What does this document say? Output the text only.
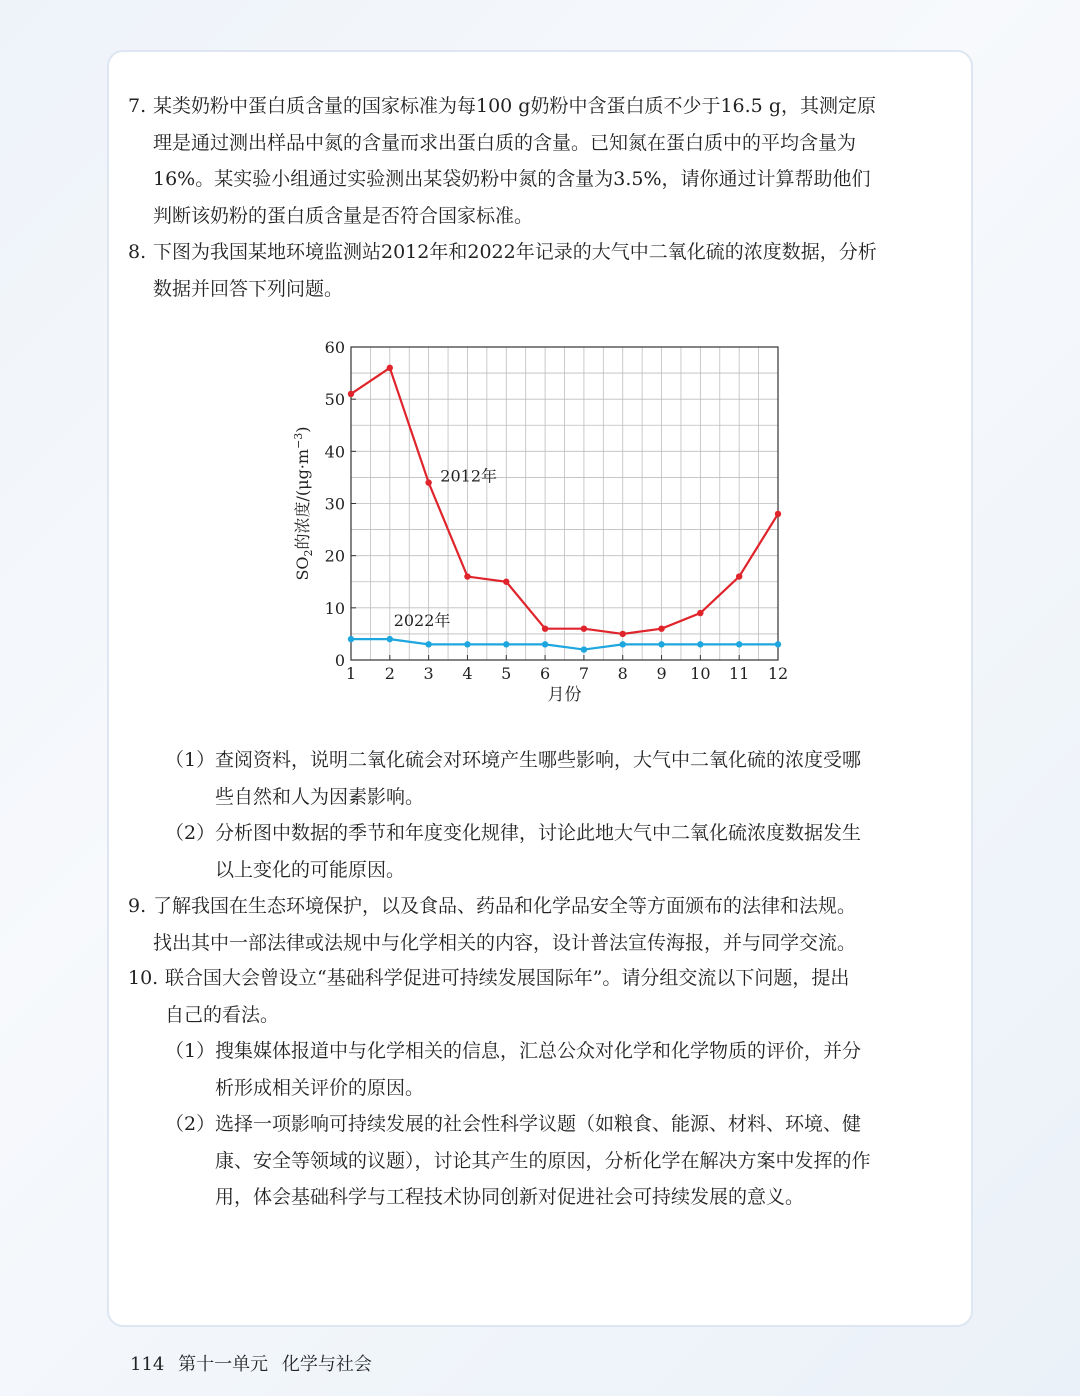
7. 某类奶粉中蛋白质含量的国家标准为每100 g奶粉中含蛋白质不少于16.5 g，其测定原
理是通过测出样品中氮的含量而求出蛋白质的含量。已知氮在蛋白质中的平均含量为
16%。某实验小组通过实验测出某袋奶粉中氮的含量为3.5%，请你通过计算帮助他们
判断该奶粉的蛋白质含量是否符合国家标准。
8. 下图为我国某地环境监测站2012年和2022年记录的大气中二氧化硫的浓度数据，分析
数据并回答下列问题。
0
10
20
30
40
50
60
1 2 3 4 5 6 7 8 9 10 11 12
月份
$SO_2$的浓度$/(\mu g\cdot m^{-3})$
2012年
2022年
（1） 查阅资料，说明二氧化硫会对环境产生哪些影响，大气中二氧化硫的浓度受哪
些自然和人为因素影响。
（2） 分析图中数据的季节和年度变化规律，讨论此地大气中二氧化硫浓度数据发生
以上变化的可能原因。
9. 了解我国在生态环境保护，以及食品、药品和化学品安全等方面颁布的法律和法规。
找出其中一部法律或法规中与化学相关的内容，设计普法宣传海报，并与同学交流。
10. 联合国大会曾设立“基础科学促进可持续发展国际年”。请分组交流以下问题，提出
自己的看法。
（1） 搜集媒体报道中与化学相关的信息，汇总公众对化学和化学物质的评价，并分
析形成相关评价的原因。
（2） 选择一项影响可持续发展的社会性科学议题（如粮食、能源、材料、环境、健
康、安全等领域的议题），讨论其产生的原因，分析化学在解决方案中发挥的作
用，体会基础科学与工程技术协同创新对促进社会可持续发展的意义。
114 第十一单元 化学与社会
